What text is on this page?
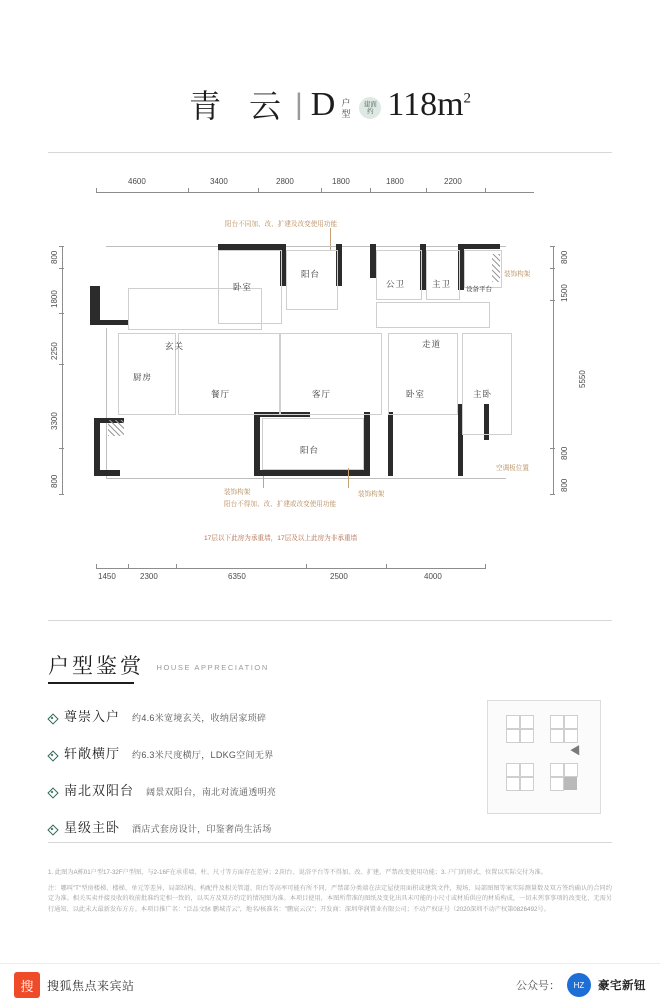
青 云 | D 户
型
建面
约 $118m^2$
4600	3400	2800	1800	1800	2200
阳台不同加、改、扩建及改变使用功能
800
1800
2250
3300
800
800
1500
5550
800
800
卧室
阳台
公卫	主卫
设备平台
玄关	走道
厨房
餐厅	客厅	卧室	主卧
阳台
装饰构架
装饰构架
阳台不得加、改、扩建或改变使用功能
装饰构架
空调板位置
17层以下此房为承重墙，17层及以上此房为非承重墙
1450	2300	6350	2500	4000
户型鉴赏 HOUSE APPRECIATION
尊崇入户 约4.6米宽境玄关，收纳居家琐碎
轩敞横厅 约6.3米尺度横厅，LDKG空间无界
南北双阳台 阔景双阳台，南北对流通透明亮
星级主卧 酒店式套房设计，印鉴奢尚生活场

1. 此图为A栋01户型17-32F户型图，与2-16F在承重墙、柱、尺寸等方面存在差异；2.阳台、说浴平台等不得加、改、扩建，严禁改变使用功能；3. 户门的形式、位置以实际交付为准。

注：哪叫"T"型房楼梯、楼梯、单元等差异，局部结构、构配件及相关管道、阳台等高率可能有所不同，严禁部分类端在法定屋使用面积或建筑文件，现场、局部图图等案实际测量数及双方签约确认的合同约定为准。相关买卖并接及收的收前批准约定相一致的，以买方及双方约定的情况图为准。本项目使用，本图所带准的图纸及变化出具未可能的小尺寸或材质供应的材质构成，一切未列事事项的改变化、无需另行通知、以此未大最新发布方方。本项目推广名："泛品文脉 鹏城青云"，地名/核准名："鹏宸云汉"；开发商：深圳华润置业有限公司；不动产权证号（2020深圳不动产权第0826492号。

搜	搜狐焦点来宾站	公众号：	HZ	豪宅新钮
